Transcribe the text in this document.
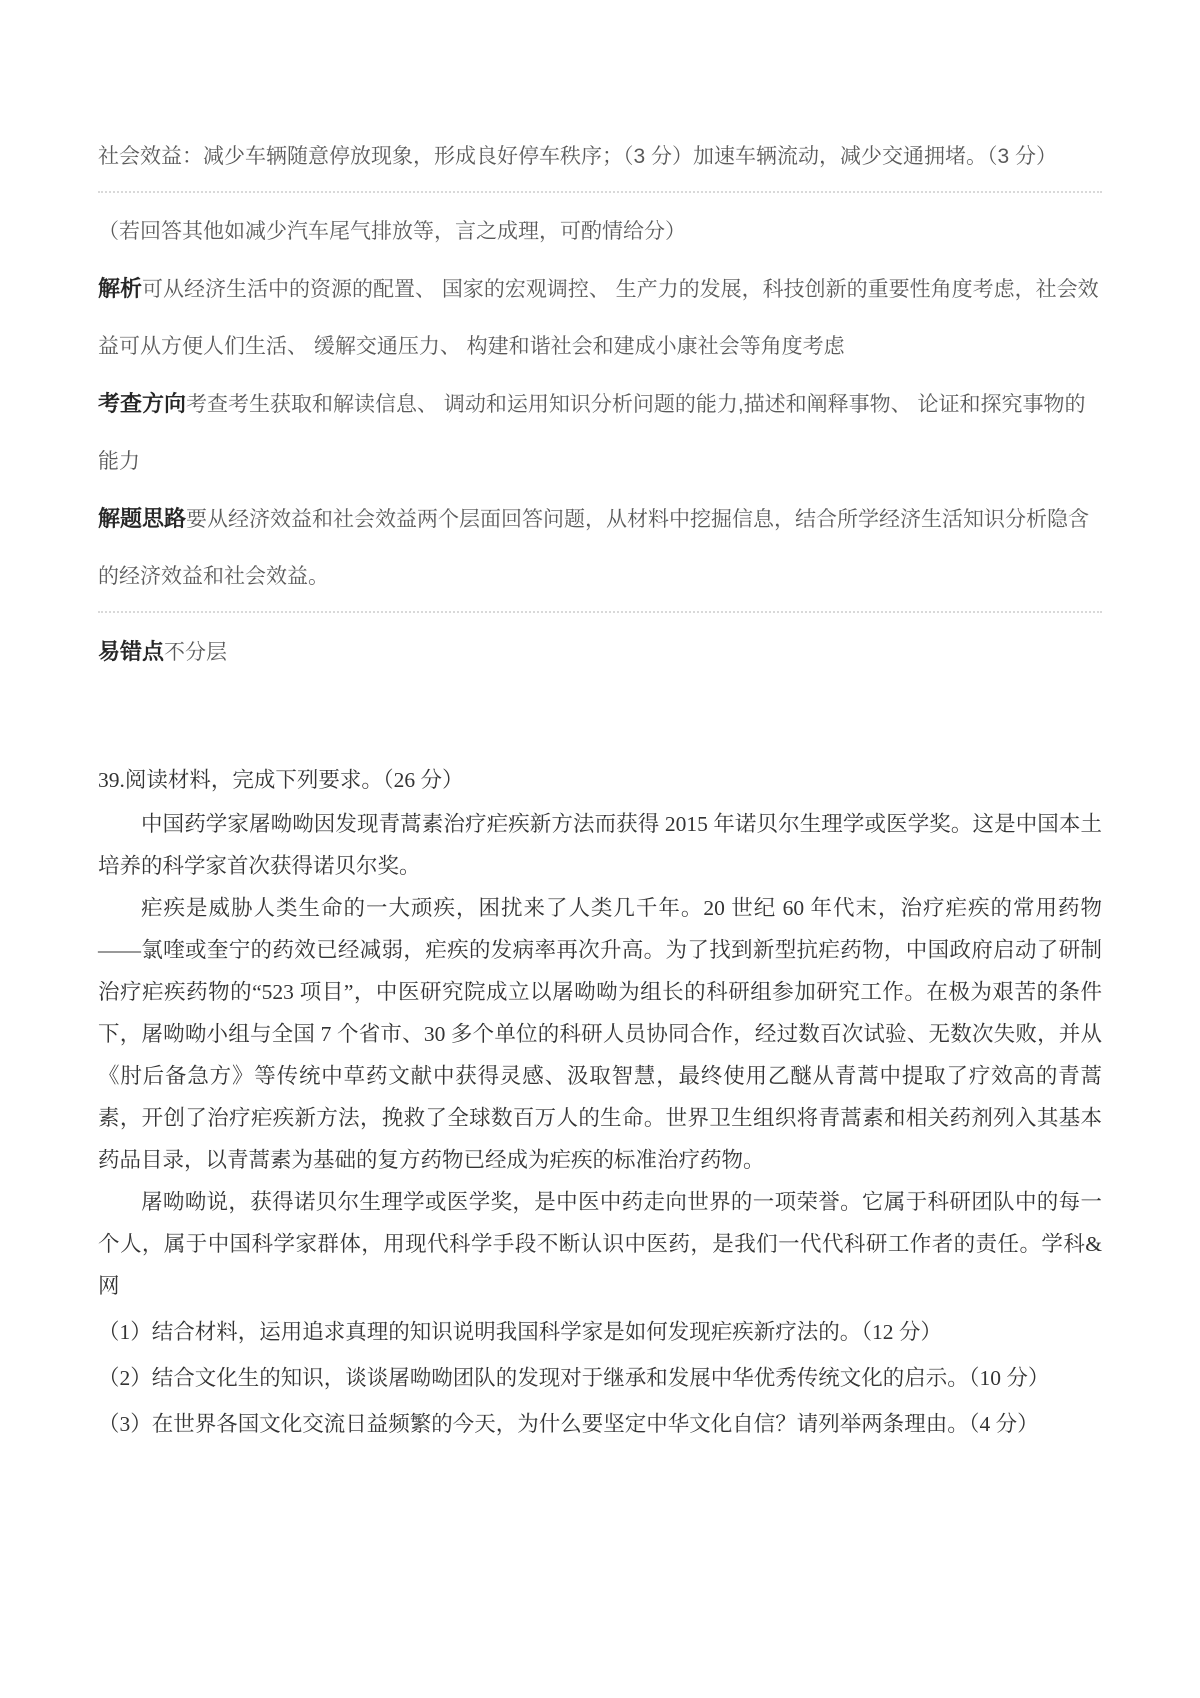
社会效益：减少车辆随意停放现象，形成良好停车秩序；（3 分）加速车辆流动，减少交通拥堵。（3 分）
（若回答其他如减少汽车尾气排放等，言之成理，可酌情给分）
解析可从经济生活中的资源的配置、 国家的宏观调控、 生产力的发展，科技创新的重要性角度考虑，社会效益可从方便人们生活、 缓解交通压力、 构建和谐社会和建成小康社会等角度考虑
考查方向考查考生获取和解读信息、 调动和运用知识分析问题的能力,描述和阐释事物、 论证和探究事物的能力
解题思路要从经济效益和社会效益两个层面回答问题，从材料中挖掘信息，结合所学经济生活知识分析隐含的经济效益和社会效益。
易错点不分层
39.阅读材料，完成下列要求。（26 分）
中国药学家屠呦呦因发现青蒿素治疗疟疾新方法而获得 2015 年诺贝尔生理学或医学奖。这是中国本土培养的科学家首次获得诺贝尔奖。
疟疾是威胁人类生命的一大顽疾，困扰来了人类几千年。20 世纪 60 年代末，治疗疟疾的常用药物——氯喹或奎宁的药效已经减弱，疟疾的发病率再次升高。为了找到新型抗疟药物，中国政府启动了研制治疗疟疾药物的“523 项目”，中医研究院成立以屠呦呦为组长的科研组参加研究工作。在极为艰苦的条件下，屠呦呦小组与全国 7 个省市、30 多个单位的科研人员协同合作，经过数百次试验、无数次失败，并从《肘后备急方》等传统中草药文献中获得灵感、汲取智慧，最终使用乙醚从青蒿中提取了疗效高的青蒿素，开创了治疗疟疾新方法，挽救了全球数百万人的生命。世界卫生组织将青蒿素和相关药剂列入其基本药品目录，以青蒿素为基础的复方药物已经成为疟疾的标准治疗药物。
屠呦呦说，获得诺贝尔生理学或医学奖，是中医中药走向世界的一项荣誉。它属于科研团队中的每一个人，属于中国科学家群体，用现代科学手段不断认识中医药，是我们一代代科研工作者的责任。学科&网
（1）结合材料，运用追求真理的知识说明我国科学家是如何发现疟疾新疗法的。（12 分）
（2）结合文化生的知识，谈谈屠呦呦团队的发现对于继承和发展中华优秀传统文化的启示。（10 分）
（3）在世界各国文化交流日益频繁的今天，为什么要坚定中华文化自信？请列举两条理由。（4 分）
